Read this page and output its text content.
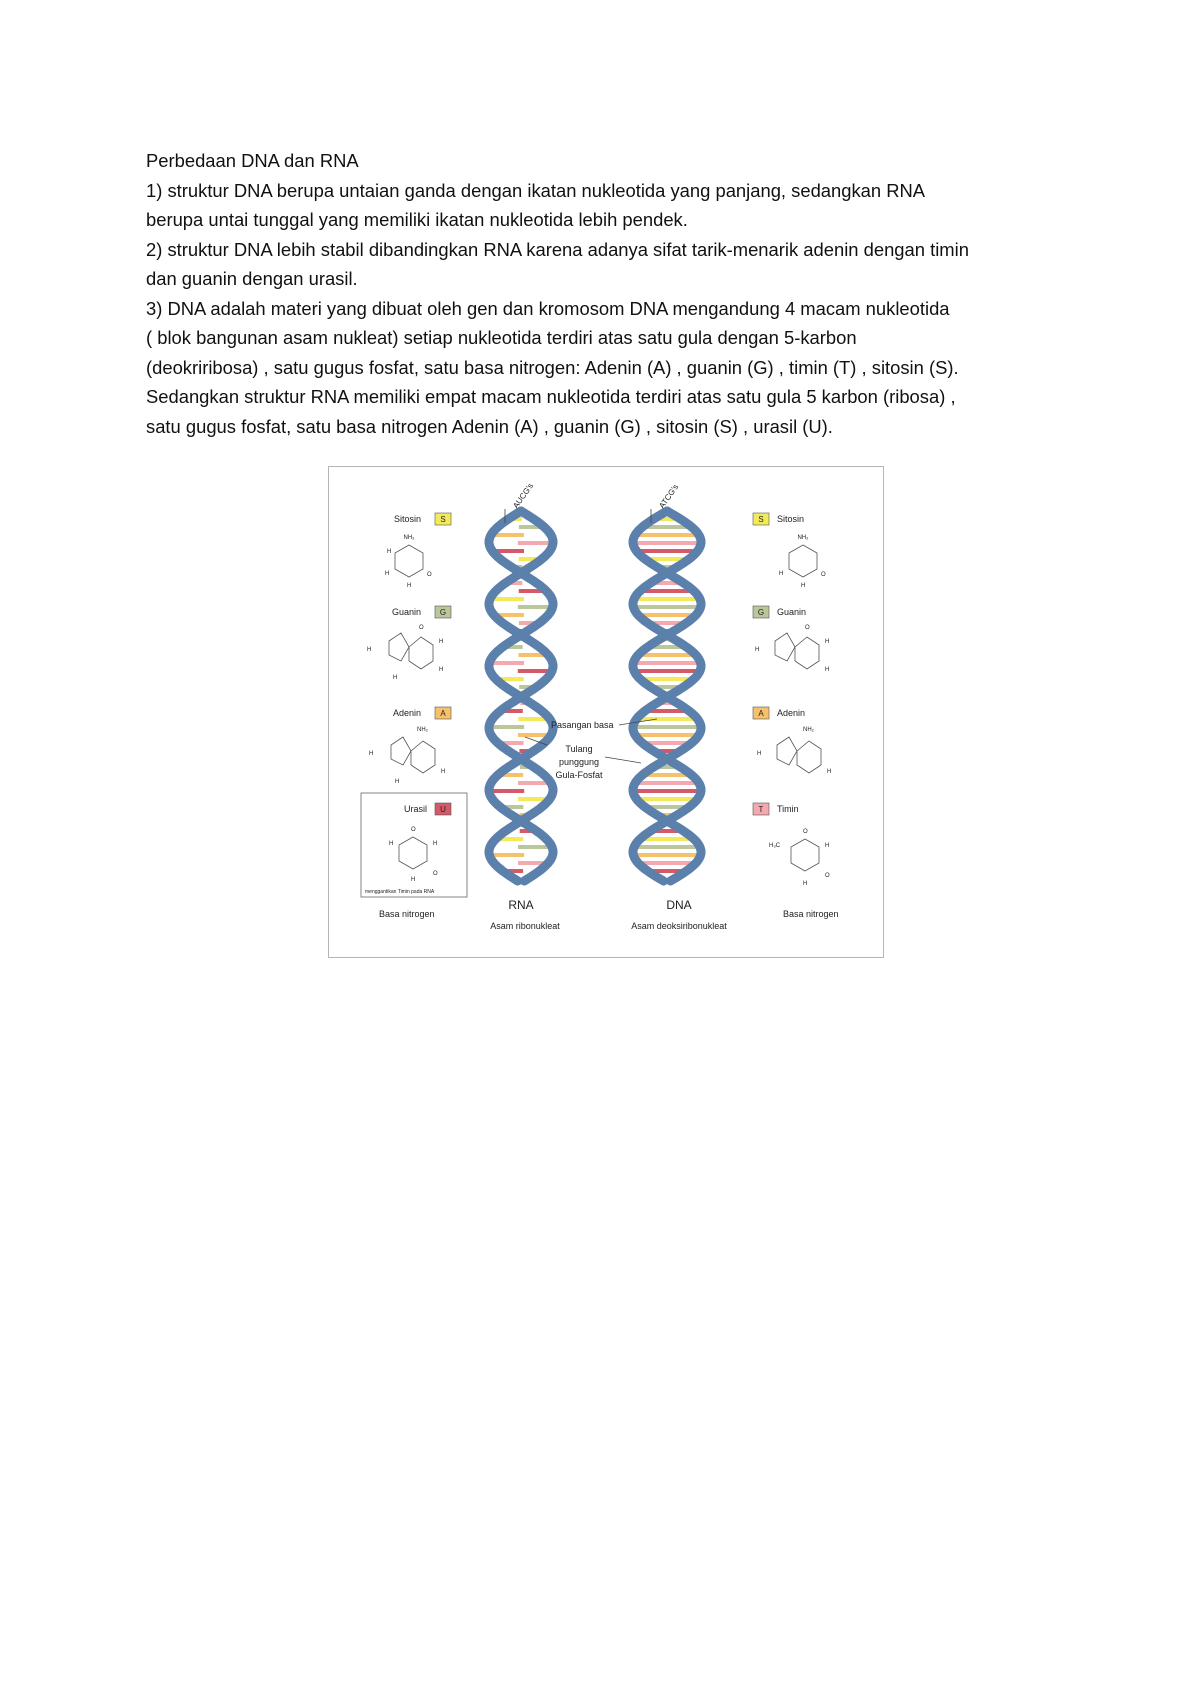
Perbedaan DNA dan RNA

1) struktur DNA berupa untaian ganda dengan ikatan nukleotida yang panjang, sedangkan RNA

berupa untai tunggal yang memiliki ikatan nukleotida lebih pendek.

2) struktur DNA lebih stabil dibandingkan RNA karena adanya sifat tarik-menarik adenin dengan timin

dan guanin dengan urasil.

3) DNA adalah materi yang dibuat oleh gen dan kromosom DNA mengandung 4 macam nukleotida

( blok bangunan asam nukleat) setiap nukleotida terdiri atas satu gula dengan 5-karbon

(deokriribosa) , satu gugus fosfat, satu basa nitrogen: Adenin (A) , guanin (G) , timin (T) , sitosin (S).

Sedangkan struktur RNA memiliki empat macam nukleotida terdiri atas satu gula 5 karbon (ribosa) ,

satu gugus fosfat, satu basa nitrogen Adenin (A) , guanin (G) , sitosin (S) , urasil (U).

Sitosin S
NH₂
H
H	O
H
Guanin G
O
H
H
H
H
Adenin A
NH₂
H
H
H
Urasil U
O
O
H	H
H
menggantikan Timin pada RNA
Basa nitrogen
S Sitosin
NH₂
H	O
H
G Guanin
O
H
H
H
A Adenin
NH₂
H
H
T Timin
O
H₃C	H
O
H
Basa nitrogen
AUCG's	ATCG's
Pasangan basa
Tulang
punggung
Gula-Fosfat
RNA
Asam ribonukleat
DNA
Asam deoksiribonukleat
